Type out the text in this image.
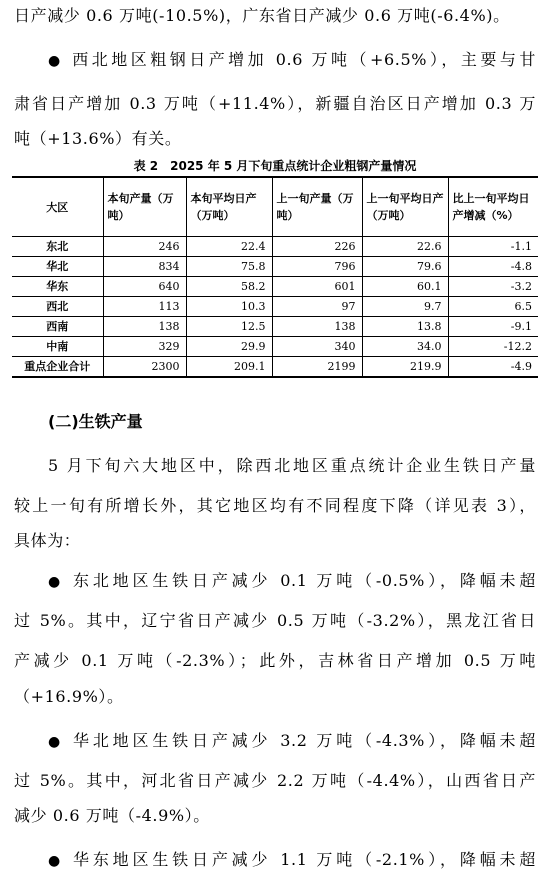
日产减少 0.6 万吨(-10.5%)，广东省日产减少 0.6 万吨(-6.4%)。
● 西北地区粗钢日产增加 0.6 万吨（+6.5%），主要与甘
肃省日产增加 0.3 万吨（+11.4%），新疆自治区日产增加 0.3 万
吨（+13.6%）有关。
表 2　2025 年 5 月下旬重点统计企业粗钢产量情况
大区	本旬产量（万吨）	本旬平均日产（万吨）	上一旬产量（万吨）	上一旬平均日产（万吨）	比上一旬平均日产增减（%）
东北	246	22.4	226	22.6	-1.1
华北	834	75.8	796	79.6	-4.8
华东	640	58.2	601	60.1	-3.2
西北	113	10.3	97	9.7	6.5
西南	138	12.5	138	13.8	-9.1
中南	329	29.9	340	34.0	-12.2
重点企业合计	2300	209.1	2199	219.9	-4.9
(二)生铁产量
5 月下旬六大地区中，除西北地区重点统计企业生铁日产量
较上一旬有所增长外，其它地区均有不同程度下降（详见表 3），
具体为：
● 东北地区生铁日产减少 0.1 万吨（-0.5%），降幅未超
过 5%。其中，辽宁省日产减少 0.5 万吨（-3.2%），黑龙江省日
产减少 0.1 万吨（-2.3%）；此外，吉林省日产增加 0.5 万吨
（+16.9%）。
● 华北地区生铁日产减少 3.2 万吨（-4.3%），降幅未超
过 5%。其中，河北省日产减少 2.2 万吨（-4.4%），山西省日产
减少 0.6 万吨（-4.9%）。
● 华东地区生铁日产减少 1.1 万吨（-2.1%），降幅未超
